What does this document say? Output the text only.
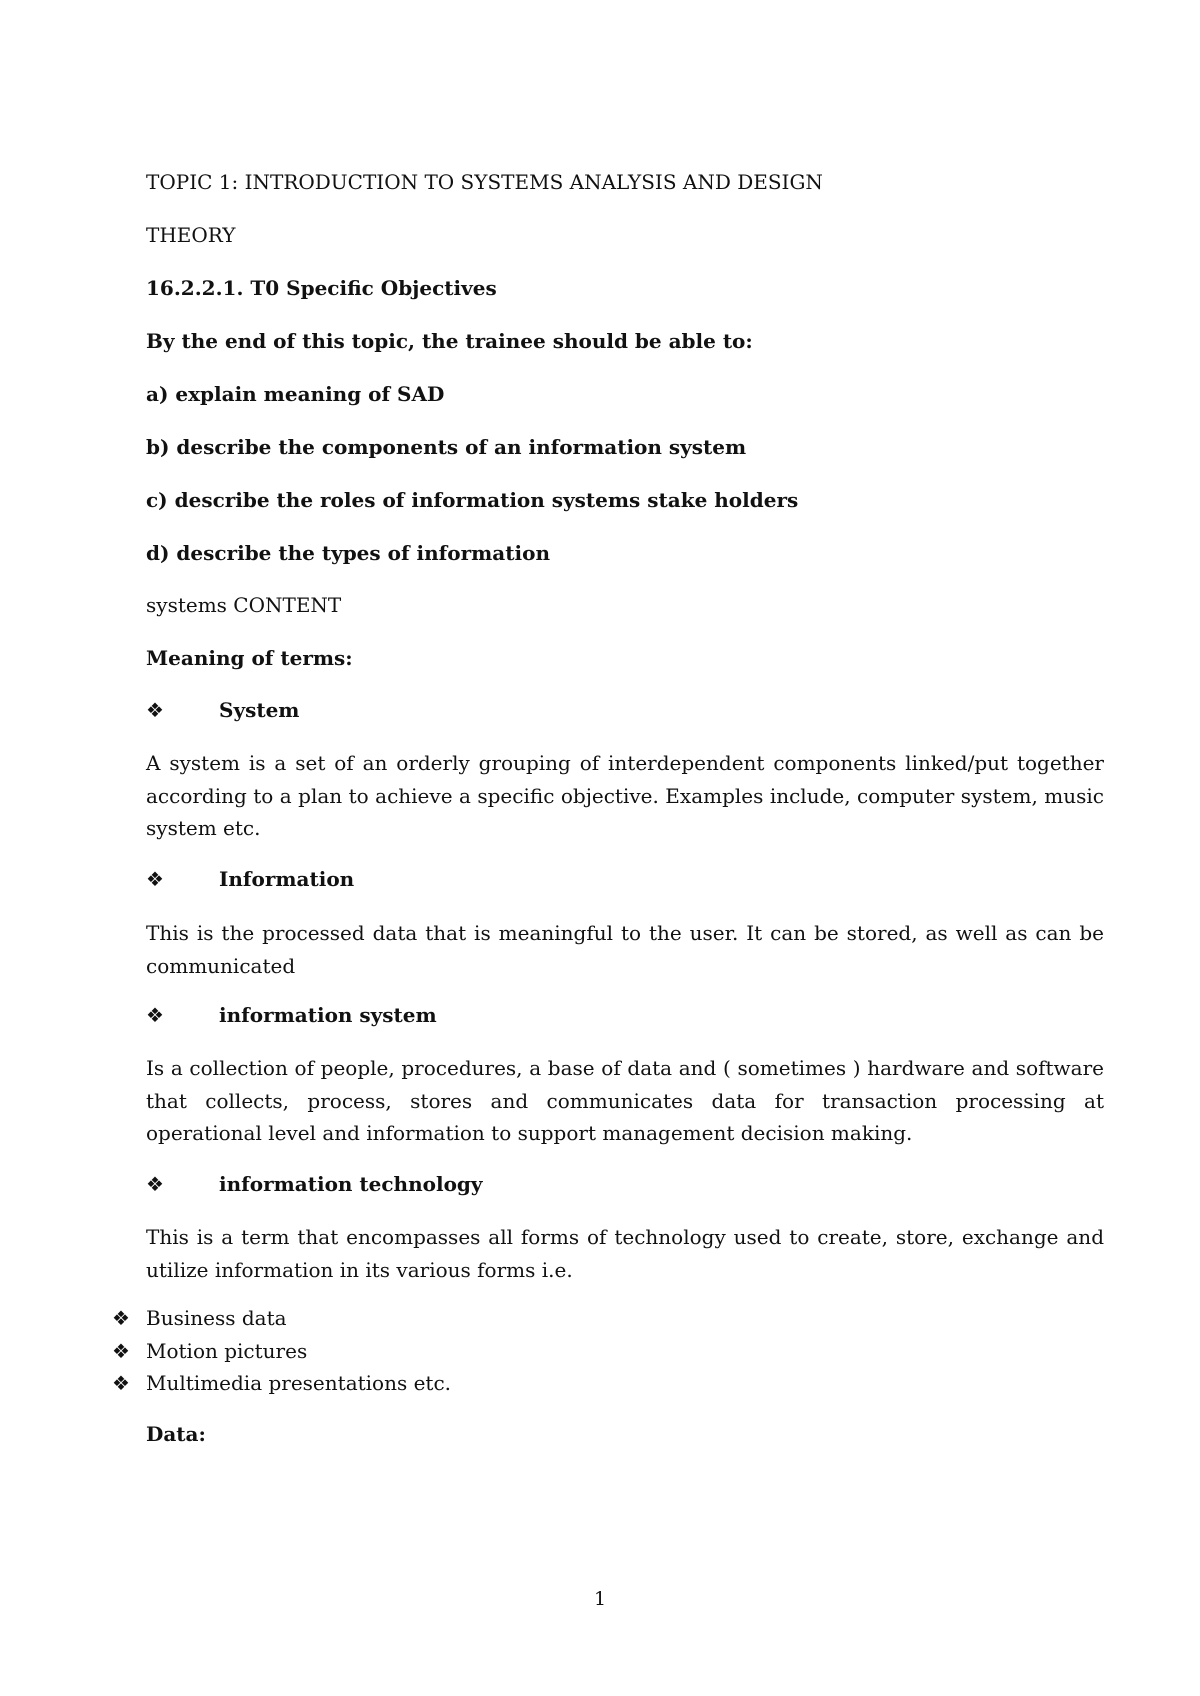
TOPIC 1: INTRODUCTION TO SYSTEMS ANALYSIS AND DESIGN
THEORY
16.2.2.1. T0 Specific Objectives
By the end of this topic, the trainee should be able to:
a) explain meaning of SAD
b) describe the components of an information system
c) describe the roles of information systems stake holders
d) describe the types of information
systems CONTENT
Meaning of terms:
❖	System
A system is a set of an orderly grouping of interdependent components linked/put together according to a plan to achieve a specific objective. Examples include, computer system, music system etc.
❖	Information
This is the processed data that is meaningful to the user. It can be stored, as well as can be communicated
❖	information system
Is a collection of people, procedures, a base of data and ( sometimes ) hardware and software that collects, process, stores and communicates data for transaction processing at operational level and information to support management decision making.
❖	information technology
This is a term that encompasses all forms of technology used to create, store, exchange and utilize information in its various forms i.e.
❖ Business data
❖ Motion pictures
❖ Multimedia presentations etc.
Data:
1
